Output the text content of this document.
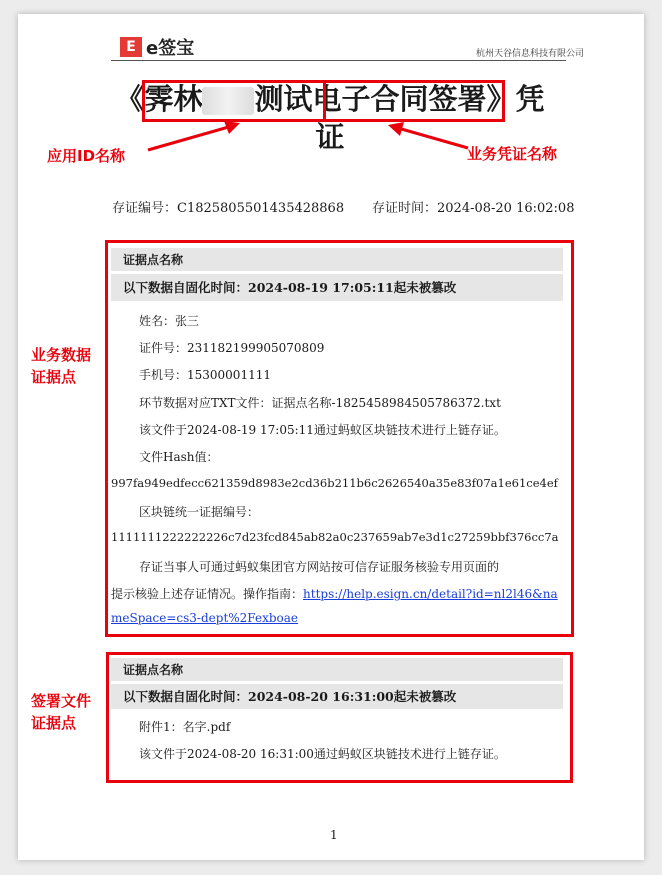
E e签宝	杭州天谷信息科技有限公司
《霁林 测试电子合同签署》凭
证
应用ID名称	业务凭证名称
存证编号：C1825805501435428868 存证时间：2024-08-20 16:02:08
证据点名称
以下数据自固化时间：2024-08-19 17:05:11起未被篡改
姓名：张三
证件号：231182199905070809
手机号：15300001111
环节数据对应TXT文件：证据点名称-1825458984505786372.txt
该文件于2024-08-19 17:05:11通过蚂蚁区块链技术进行上链存证。
文件Hash值：
997fa949edfecc621359d8983e2cd36b211b6c2626540a35e83f07a1e61ce4ef
区块链统一证据编号：
1111111222222226c7d23fcd845ab82a0c237659ab7e3d1c27259bbf376cc7a
存证当事人可通过蚂蚁集团官方网站按可信存证服务核验专用页面的
提示核验上述存证情况。操作指南：https://help.esign.cn/detail?id=nl2l46&na
meSpace=cs3-dept%2Fexboae
业务数据
证据点
证据点名称
以下数据自固化时间：2024-08-20 16:31:00起未被篡改
附件1：名字.pdf
该文件于2024-08-20 16:31:00通过蚂蚁区块链技术进行上链存证。
签署文件
证据点
1
